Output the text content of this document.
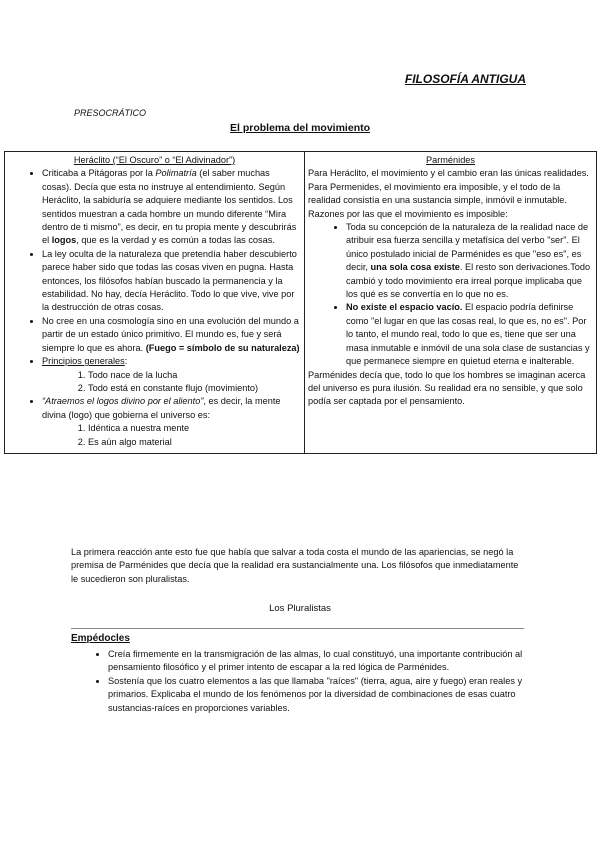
FILOSOFÍA ANTIGUA
PRESOCRÁTICO
El problema del movimiento
Heráclito (“El Oscuro” o “El Adivinador”)
• Criticaba a Pitágoras por la Polimatría (el saber muchas cosas). Decía que esta no instruye al entendimiento. Según Heráclito, la sabiduría se adquiere mediante los sentidos. Los sentidos muestran a cada hombre un mundo diferente “Mira dentro de ti mismo”, es decir, en tu propia mente y descubrirás el logos, que es la verdad y es común a todas las cosas.
• La ley oculta de la naturaleza que pretendía haber descubierto parece haber sido que todas las cosas viven en pugna. Hasta entonces, los filósofos habían buscado la permanencia y la estabilidad. No hay, decía Heráclito. Todo lo que vive, vive por la destrucción de otras cosas.
• No cree en una cosmología sino en una evolución del mundo a partir de un estado único primitivo. El mundo es, fue y será siempre lo que es ahora. (Fuego = símbolo de su naturaleza)
• Principios generales:
1. Todo nace de la lucha
2. Todo está en constante flujo (movimiento)
• “Atraemos el logos divino por el aliento”, es decir, la mente divina (logo) que gobierna el universo es:
1. Idéntica a nuestra mente
2. Es aún algo material

Parménides
Para Heráclito, el movimiento y el cambio eran las únicas realidades. Para Permenides, el movimiento era imposible, y el todo de la realidad consistía en una sustancia simple, inmóvil e inmutable. Razones por las que el movimiento es imposible:
• Toda su concepción de la naturaleza de la realidad nace de atribuir esa fuerza sencilla y metafísica del verbo "ser". El único postulado inicial de Parménides es que "eso es", es decir, una sola cosa existe. El resto son derivaciones.Todo cambió y todo movimiento era irreal porque implicaba que los qué es se convertía en lo que no es.
• No existe el espacio vacío. El espacio podría definirse como "el lugar en que las cosas real, lo que es, no es". Por lo tanto, el mundo real, todo lo que es, tiene que ser una masa inmutable e inmóvil de una sola clase de sustancias y que permanece siempre en quietud eterna e inalterable.
Parménides decía que, todo lo que los hombres se imaginan acerca del universo es pura ilusión. Su realidad era no sensible, y que solo podía ser captada por el pensamiento.
La primera reacción ante esto fue que había que salvar a toda costa el mundo de las apariencias, se negó la premisa de Parménides que decía que la realidad era sustancialmente una. Los filósofos que inmediatamente le sucedieron son pluralistas.
Los Pluralistas
Empédocles
• Creía firmemente en la transmigración de las almas, lo cual constituyó, una importante contribución al pensamiento filosófico y el primer intento de escapar a la red lógica de Parménides.
• Sostenía que los cuatro elementos a las que llamaba "raíces" (tierra, agua, aire y fuego) eran reales y primarios. Explicaba el mundo de los fenómenos por la diversidad de combinaciones de esas cuatro sustancias-raíces en proporciones variables.
